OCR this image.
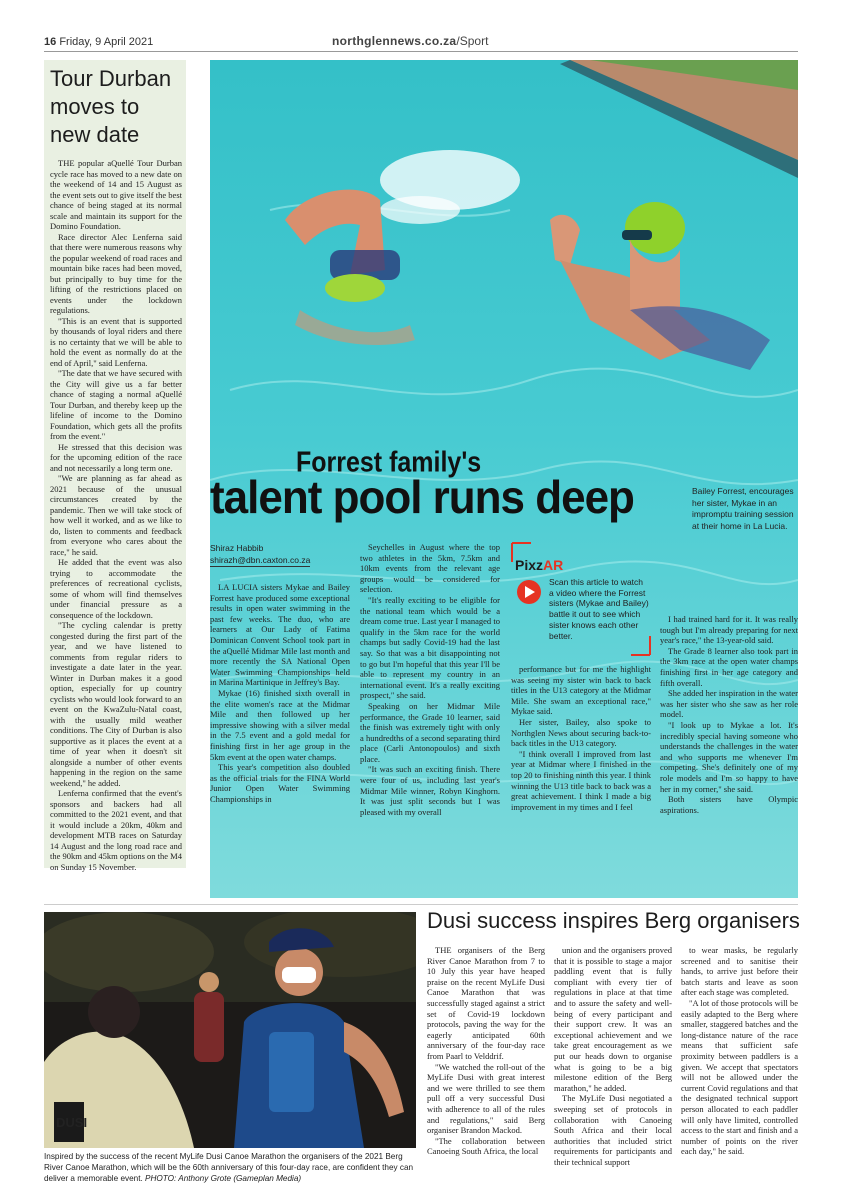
16 Friday, 9 April 2021	northglennews.co.za/Sport
Tour Durban moves to new date

THE popular aQuellé Tour Durban cycle race has moved to a new date on the weekend of 14 and 15 August as the event sets out to give itself the best chance of being staged at its normal scale and maintain its support for the Domino Foundation.

Race director Alec Lenferna said that there were numerous reasons why the popular weekend of road races and mountain bike races had been moved, but principally to buy time for the lifting of the restrictions placed on events under the lockdown regulations.

"This is an event that is supported by thousands of loyal riders and there is no certainty that we will be able to hold the event as normally do at the end of April," said Lenferna.

"The date that we have secured with the City will give us a far better chance of staging a normal aQuellé Tour Durban, and thereby keep up the lifeline of income to the Domino Foundation, which gets all the profits from the event."

He stressed that this decision was for the upcoming edition of the race and not necessarily a long term one.

"We are planning as far ahead as 2021 because of the unusual circumstances created by the pandemic. Then we will take stock of how well it worked, and as we like to do, listen to comments and feedback from everyone who cares about the race," he said.

He added that the event was also trying to accommodate the preferences of recreational cyclists, some of whom will find themselves under financial pressure as a consequence of the lockdown.

"The cycling calendar is pretty congested during the first part of the year, and we have listened to comments from regular riders to investigate a date later in the year. Winter in Durban makes it a good option, especially for up country cyclists who would look forward to an event on the KwaZulu-Natal coast, with the usually mild weather conditions. The City of Durban is also supportive as it places the event at a time of year when it doesn't sit alongside a number of other events happening in the region on the same weekend," he added.

Lenferna confirmed that the event's sponsors and backers had all committed to the 2021 event, and that it would include a 20km, 40km and development MTB races on Saturday 14 August and the long road race and the 90km and 45km options on the M4 on Sunday 15 November.

Forrest family's
talent pool runs deep	Bailey Forrest, encourages her sister, Mykae in an impromptu training session at their home in La Lucia.
Shiraz Habbib
shirazh@dbn.caxton.co.za

LA LUCIA sisters Mykae and Bailey Forrest have produced some exceptional results in open water swimming in the past few weeks. The duo, who are learners at Our Lady of Fatima Dominican Convent School took part in the aQuellé Midmar Mile last month and more recently the SA National Open Water Swimming Championships held in Marina Martinique in Jeffrey's Bay.

Mykae (16) finished sixth overall in the elite women's race at the Midmar Mile and then followed up her impressive showing with a silver medal in the 7.5 event and a gold medal for finishing first in her age group in the 5km event at the open water champs.

This year's competition also doubled as the official trials for the FINA World Junior Open Water Swimming Championships in

Seychelles in August where the top two athletes in the 5km, 7.5km and 10km events from the relevant age groups would be considered for selection.

"It's really exciting to be eligible for the national team which would be a dream come true. Last year I managed to qualify in the 5km race for the world champs but sadly Covid-19 had the last say. So that was a bit disappointing not to go but I'm hopeful that this year I'll be able to represent my country in an international event. It's a really exciting prospect," she said.

Speaking on her Midmar Mile performance, the Grade 10 learner, said the finish was extremely tight with only a hundredths of a second separating third place (Carli Antonopoulos) and sixth place.

"It was such an exciting finish. There were four of us, including last year's Midmar Mile winner, Robyn Kinghorn. It was just split seconds but I was pleased with my overall

PixzAR
Scan this article to watch a video where the Forrest sisters (Mykae and Bailey) battle it out to see which sister knows each other better.

performance but for me the highlight was seeing my sister win back to back titles in the U13 category at the Midmar Mile. She swam an exceptional race," Mykae said.

Her sister, Bailey, also spoke to Northglen News about securing back-to-back titles in the U13 category.

"I think overall I improved from last year at Midmar where I finished in the top 20 to finishing ninth this year. I think winning the U13 title back to back was a great achievement. I think I made a big improvement in my times and I feel

I had trained hard for it. It was really tough but I'm already preparing for next year's race," the 13-year-old said.

The Grade 8 learner also took part in the 3km race at the open water champs finishing first in her age category and fifth overall.

She added her inspiration in the water was her sister who she saw as her role model.

"I look up to Mykae a lot. It's incredibly special having someone who understands the challenges in the water and who supports me whenever I'm competing. She's definitely one of my role models and I'm so happy to have her in my corner," she said.

Both sisters have Olympic aspirations.

DUSI
Inspired by the success of the recent MyLife Dusi Canoe Marathon the organisers of the 2021 Berg River Canoe Marathon, which will be the 60th anniversary of this four-day race, are confident they can deliver a memorable event. PHOTO: Anthony Grote (Gameplan Media)
Dusi success inspires Berg organisers

THE organisers of the Berg River Canoe Marathon from 7 to 10 July this year have heaped praise on the recent MyLife Dusi Canoe Marathon that was successfully staged against a strict set of Covid-19 lockdown protocols, paving the way for the eagerly anticipated 60th anniversary of the four-day race from Paarl to Velddrif.

"We watched the roll-out of the MyLife Dusi with great interest and we were thrilled to see them pull off a very successful Dusi with adherence to all of the rules and regulations," said Berg organiser Brandon Mackod.

"The collaboration between Canoeing South Africa, the local

union and the organisers proved that it is possible to stage a major paddling event that is fully compliant with every tier of regulations in place at that time and to assure the safety and well-being of every participant and their support crew. It was an exceptional achievement and we take great encouragement as we put our heads down to organise what is going to be a big milestone edition of the Berg marathon," he added.

The MyLife Dusi negotiated a sweeping set of protocols in collaboration with Canoeing South Africa and their local authorities that included strict requirements for participants and their technical support

to wear masks, be regularly screened and to sanitise their hands, to arrive just before their batch starts and leave as soon after each stage was completed.

"A lot of those protocols will be easily adapted to the Berg where smaller, staggered batches and the long-distance nature of the race means that sufficient safe proximity between paddlers is a given. We accept that spectators will not be allowed under the current Covid regulations and that the designated technical support person allocated to each paddler will only have limited, controlled access to the start and finish and a number of points on the river each day," he said.
